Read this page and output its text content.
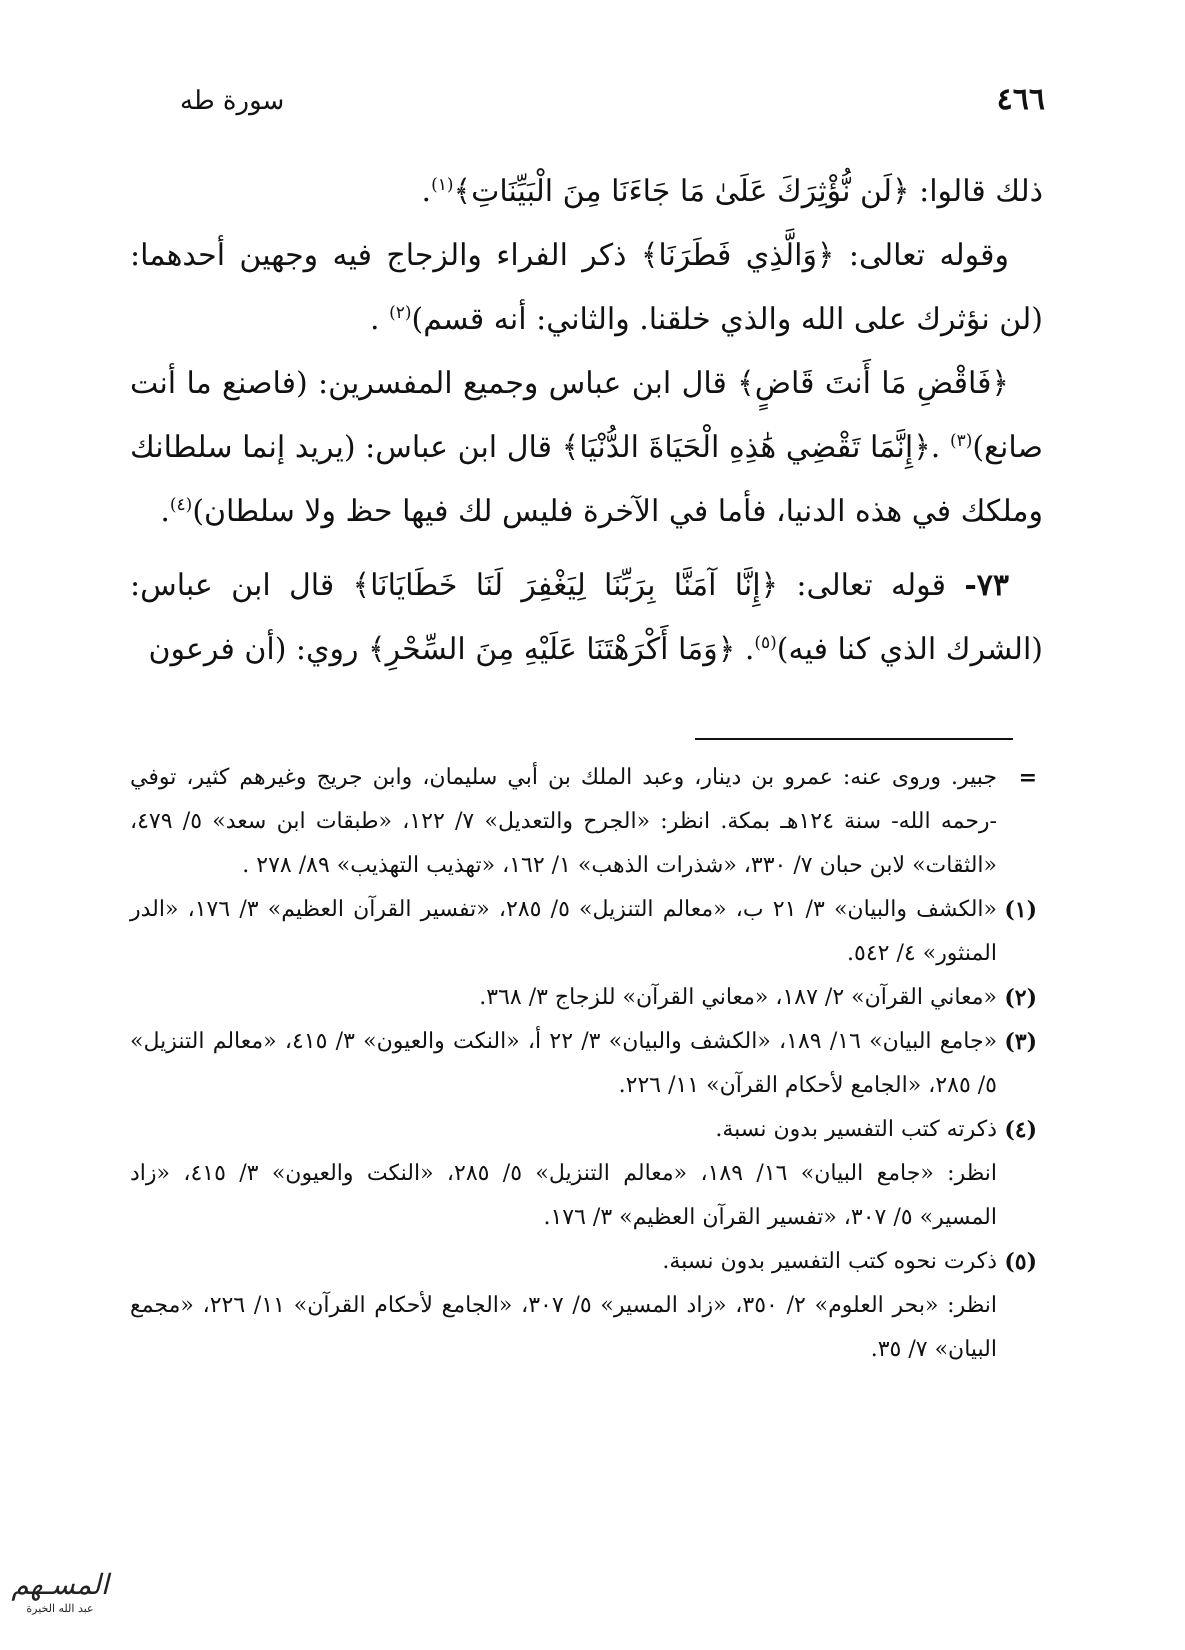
٤٦٦
سورة طه

ذلك قالوا: ﴿لَن نُّؤْثِرَكَ عَلَىٰ مَا جَاءَنَا مِنَ الْبَيِّنَاتِ﴾$^{(١)}$.

وقوله تعالى: ﴿وَالَّذِي فَطَرَنَا﴾ ذكر الفراء والزجاج فيه وجهين أحدهما: (لن نؤثرك على الله والذي خلقنا. والثاني: أنه قسم)$^{(٢)}$ .

﴿فَاقْضِ مَا أَنتَ قَاضٍ﴾ قال ابن عباس وجميع المفسرين: (فاصنع ما أنت صانع)$^{(٣)}$ .﴿إِنَّمَا تَقْضِي هَٰذِهِ الْحَيَاةَ الدُّنْيَا﴾ قال ابن عباس: (يريد إنما سلطانك وملكك في هذه الدنيا، فأما في الآخرة فليس لك فيها حظ ولا سلطان)$^{(٤)}$.

٧٣- قوله تعالى: ﴿إِنَّا آمَنَّا بِرَبِّنَا لِيَغْفِرَ لَنَا خَطَايَانَا﴾ قال ابن عباس: (الشرك الذي كنا فيه)$^{(٥)}$. ﴿وَمَا أَكْرَهْتَنَا عَلَيْهِ مِنَ السِّحْرِ﴾ روي: (أن فرعون

=

جبير. وروى عنه: عمرو بن دينار، وعبد الملك بن أبي سليمان، وابن جريج وغيرهم كثير، توفي -رحمه الله- سنة ١٢٤هـ بمكة. انظر: «الجرح والتعديل» ٧/ ١٢٢، «طبقات ابن سعد» ٥/ ٤٧٩، «الثقات» لابن حبان ٧/ ٣٣٠، «شذرات الذهب» ١/ ١٦٢، «تهذيب التهذيب» ٨٩/ ٢٧٨ .

(١)

«الكشف والبيان» ٣/ ٢١ ب، «معالم التنزيل» ٥/ ٢٨٥، «تفسير القرآن العظيم» ٣/ ١٧٦، «الدر المنثور» ٤/ ٥٤٢.

(٢)

«معاني القرآن» ٢/ ١٨٧، «معاني القرآن» للزجاج ٣/ ٣٦٨.

(٣)

«جامع البيان» ١٦/ ١٨٩، «الكشف والبيان» ٣/ ٢٢ أ، «النكت والعيون» ٣/ ٤١٥، «معالم التنزيل» ٥/ ٢٨٥، «الجامع لأحكام القرآن» ١١/ ٢٢٦.

(٤)

ذكرته كتب التفسير بدون نسبة.

انظر: «جامع البيان» ١٦/ ١٨٩، «معالم التنزيل» ٥/ ٢٨٥، «النكت والعيون» ٣/ ٤١٥، «زاد المسير» ٥/ ٣٠٧، «تفسير القرآن العظيم» ٣/ ١٧٦.

(٥)

ذكرت نحوه كتب التفسير بدون نسبة.

انظر: «بحر العلوم» ٢/ ٣٥٠، «زاد المسير» ٥/ ٣٠٧، «الجامع لأحكام القرآن» ١١/ ٢٢٦، «مجمع البيان» ٧/ ٣٥.

المسـهم
عبد الله الخيرة
